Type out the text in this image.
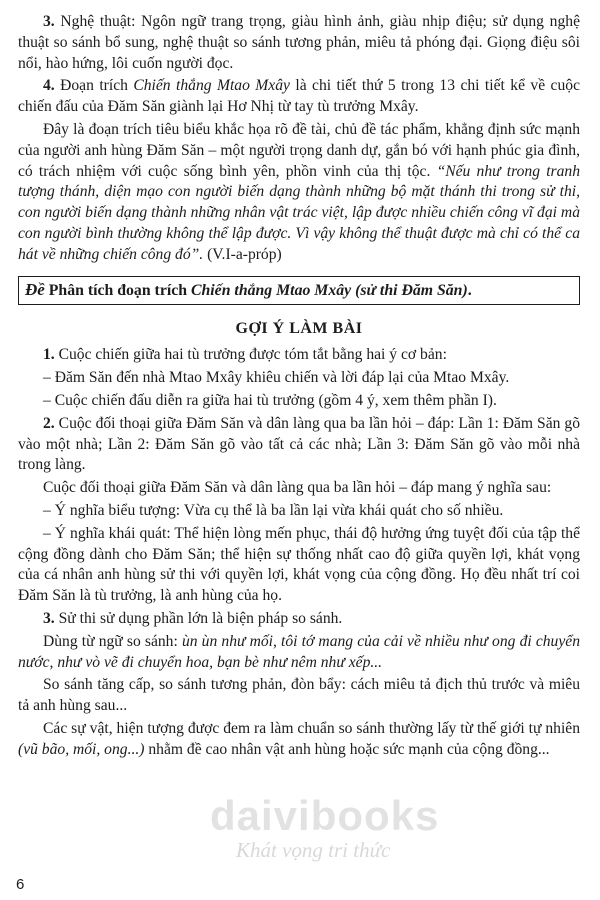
3. Nghệ thuật: Ngôn ngữ trang trọng, giàu hình ảnh, giàu nhịp điệu; sử dụng nghệ thuật so sánh bổ sung, nghệ thuật so sánh tương phản, miêu tả phóng đại. Giọng điệu sôi nổi, hào hứng, lôi cuốn người đọc.

4. Đoạn trích Chiến thắng Mtao Mxây là chi tiết thứ 5 trong 13 chi tiết kể về cuộc chiến đấu của Đăm Săn giành lại Hơ Nhị từ tay tù trưởng Mxây.

Đây là đoạn trích tiêu biểu khắc họa rõ đề tài, chủ đề tác phẩm, khẳng định sức mạnh của người anh hùng Đăm Săn – một người trọng danh dự, gắn bó với hạnh phúc gia đình, có trách nhiệm với cuộc sống bình yên, phồn vinh của thị tộc. “Nếu như trong tranh tượng thánh, diện mạo con người biến dạng thành những bộ mặt thánh thi trong sử thi, con người biến dạng thành những nhân vật trác việt, lập được nhiều chiến công vĩ đại mà con người bình thường không thể lập được. Vì vậy không thể thuật được mà chỉ có thể ca hát về những chiến công đó”. (V.I-a-próp)

Đề Phân tích đoạn trích Chiến thắng Mtao Mxây (sử thi Đăm Săn).
GỢI Ý LÀM BÀI

1. Cuộc chiến giữa hai tù trưởng được tóm tắt bằng hai ý cơ bản:

– Đăm Săn đến nhà Mtao Mxây khiêu chiến và lời đáp lại của Mtao Mxây.

– Cuộc chiến đấu diễn ra giữa hai tù trưởng (gồm 4 ý, xem thêm phần I).

2. Cuộc đối thoại giữa Đăm Săn và dân làng qua ba lần hỏi – đáp: Lần 1: Đăm Săn gõ vào một nhà; Lần 2: Đăm Săn gõ vào tất cả các nhà; Lần 3: Đăm Săn gõ vào mỗi nhà trong làng.

Cuộc đối thoại giữa Đăm Săn và dân làng qua ba lần hỏi – đáp mang ý nghĩa sau:

– Ý nghĩa biểu tượng: Vừa cụ thể là ba lần lại vừa khái quát cho số nhiều.

– Ý nghĩa khái quát: Thể hiện lòng mến phục, thái độ hưởng ứng tuyệt đối của tập thể cộng đồng dành cho Đăm Săn; thể hiện sự thống nhất cao độ giữa quyền lợi, khát vọng của cá nhân anh hùng sử thi với quyền lợi, khát vọng của cộng đồng. Họ đều nhất trí coi Đăm Săn là tù trưởng, là anh hùng của họ.

3. Sử thi sử dụng phần lớn là biện pháp so sánh.

Dùng từ ngữ so sánh: ùn ùn như mối, tôi tớ mang của cải về nhiều như ong đi chuyển nước, như vò vẽ đi chuyển hoa, bạn bè như nêm như xếp...

So sánh tăng cấp, so sánh tương phản, đòn bẩy: cách miêu tả địch thủ trước và miêu tả anh hùng sau...

Các sự vật, hiện tượng được đem ra làm chuẩn so sánh thường lấy từ thế giới tự nhiên (vũ bão, mối, ong...) nhằm đề cao nhân vật anh hùng hoặc sức mạnh của cộng đồng...

daivibooks
Khát vọng tri thức
6
